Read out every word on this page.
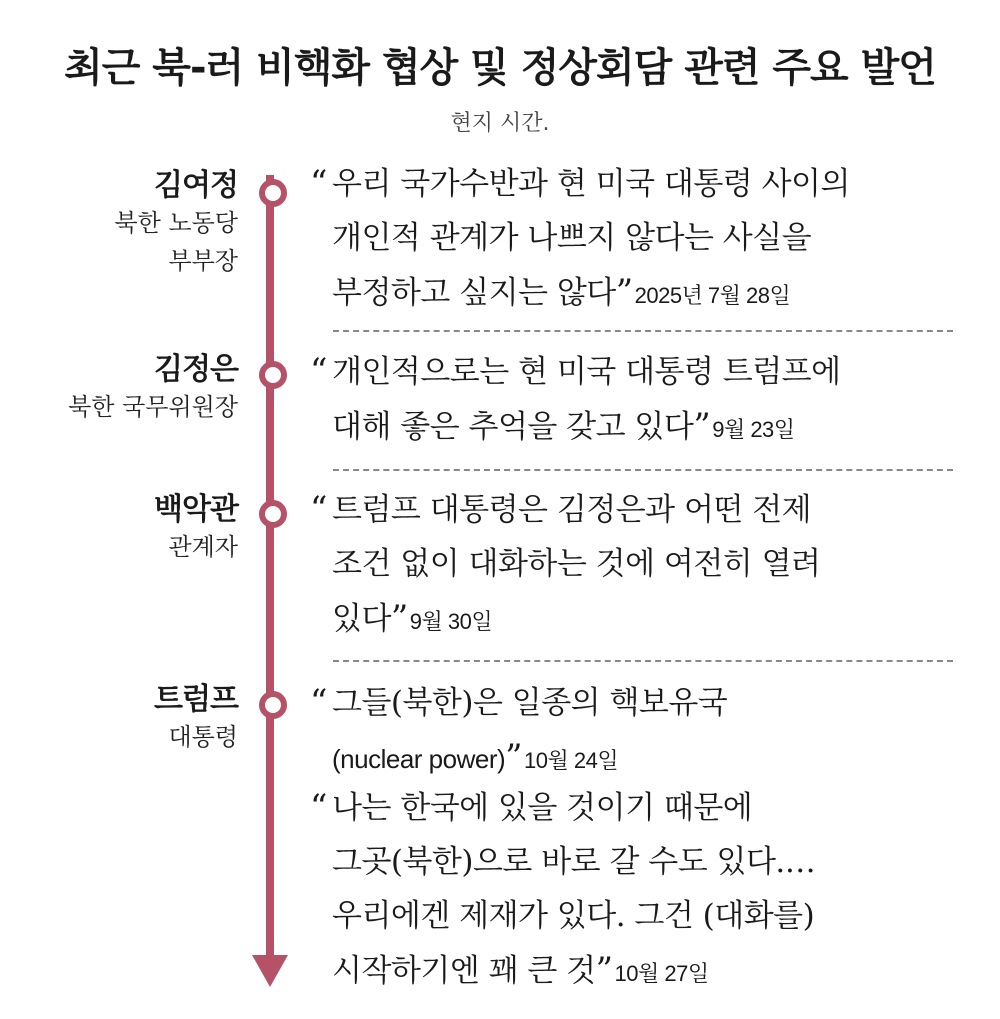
최근 북-러 비핵화 협상 및 정상회담 관련 주요 발언
현지 시간.
김여정
북한 노동당
부부장
“ 우리 국가수반과 현 미국 대통령 사이의
개인적 관계가 나쁘지 않다는 사실을
부정하고 싶지는 않다”2025년 7월 28일
김정은
북한 국무위원장
“ 개인적으로는 현 미국 대통령 트럼프에
대해 좋은 추억을 갖고 있다”9월 23일
백악관
관계자
“ 트럼프 대통령은 김정은과 어떤 전제
조건 없이 대화하는 것에 여전히 열려
있다”9월 30일
트럼프
대통령
“ 그들(북한)은 일종의 핵보유국
(nuclear power)”10월 24일
“ 나는 한국에 있을 것이기 때문에
그곳(북한)으로 바로 갈 수도 있다.…
우리에겐 제재가 있다. 그건 (대화를)
시작하기엔 꽤 큰 것”10월 27일
